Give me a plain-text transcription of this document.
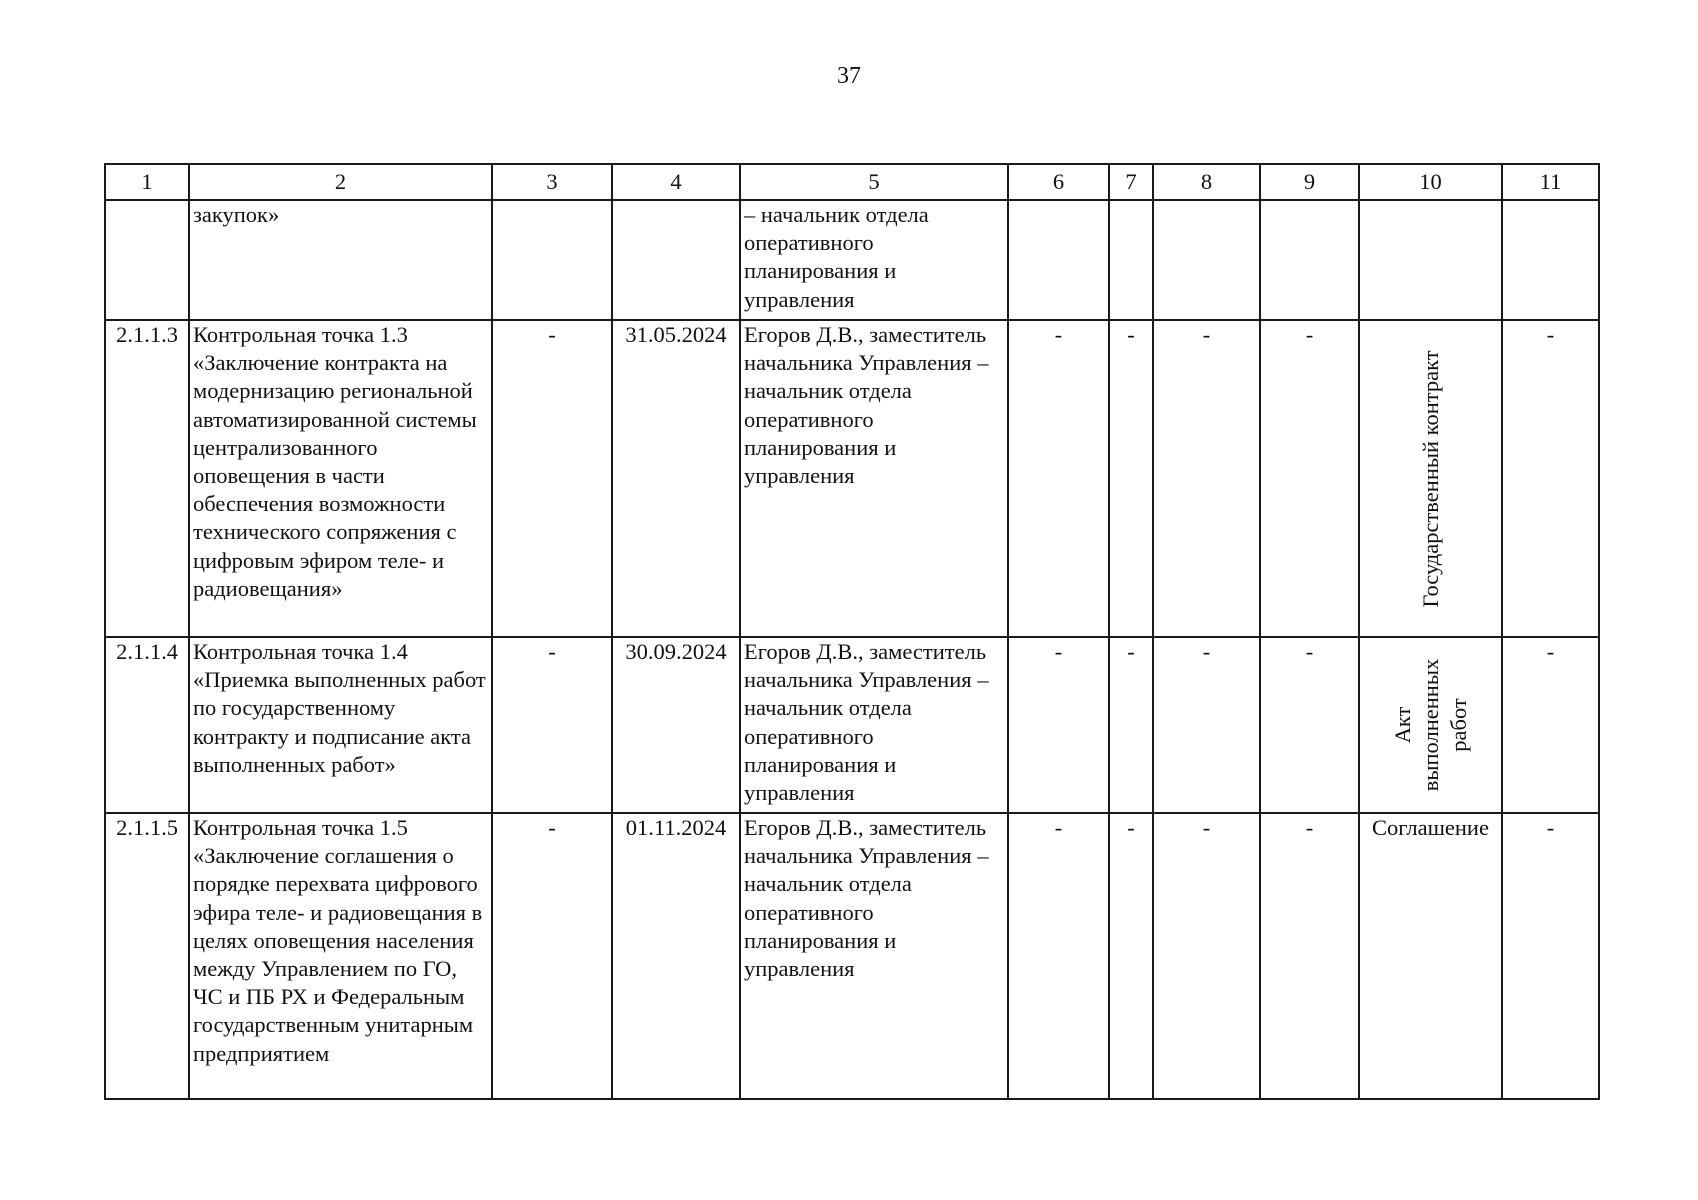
37
1	2	3	4	5	6	7	8	9	10	11
	закупок»			– начальник отдела оперативного планирования и управления						
2.1.1.3	Контрольная точка 1.3 «Заключение контракта на модернизацию региональной автоматизированной системы централизованного оповещения в части обеспечения возможности технического сопряжения с цифровым эфиром теле- и радиовещания»	-	31.05.2024	Егоров Д.В., заместитель начальника Управления – начальник отдела оперативного планирования и управления	-	-	-	-	Государственный контракт	-
2.1.1.4	Контрольная точка 1.4 «Приемка выполненных работ по государственному контракту и подписание акта выполненных работ»	-	30.09.2024	Егоров Д.В., заместитель начальника Управления – начальник отдела оперативного планирования и управления	-	-	-	-	Акт выполненных работ	-
2.1.1.5	Контрольная точка 1.5 «Заключение соглашения о порядке перехвата цифрового эфира теле- и радиовещания в целях оповещения населения между Управлением по ГО, ЧС и ПБ РХ и Федеральным государственным унитарным предприятием	-	01.11.2024	Егоров Д.В., заместитель начальника Управления – начальник отдела оперативного планирования и управления	-	-	-	-	Соглашение	-
